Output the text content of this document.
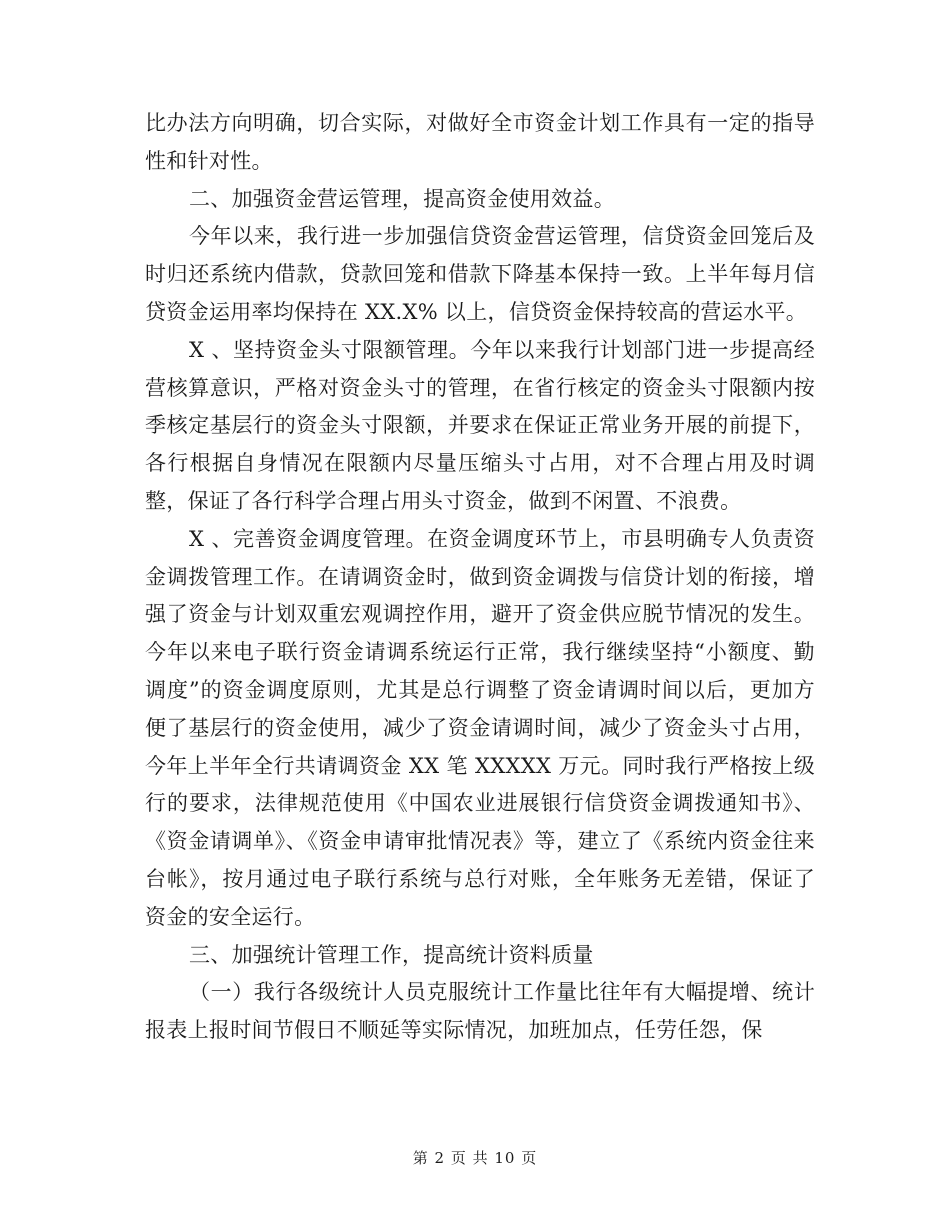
比办法方向明确，切合实际，对做好全市资金计划工作具有一定的指导性和针对性。

二、加强资金营运管理，提高资金使用效益。

今年以来，我行进一步加强信贷资金营运管理，信贷资金回笼后及时归还系统内借款，贷款回笼和借款下降基本保持一致。上半年每月信贷资金运用率均保持在 XX.X% 以上，信贷资金保持较高的营运水平。

X 、坚持资金头寸限额管理。今年以来我行计划部门进一步提高经营核算意识，严格对资金头寸的管理，在省行核定的资金头寸限额内按季核定基层行的资金头寸限额，并要求在保证正常业务开展的前提下，各行根据自身情况在限额内尽量压缩头寸占用，对不合理占用及时调整，保证了各行科学合理占用头寸资金，做到不闲置、不浪费。

X 、完善资金调度管理。在资金调度环节上，市县明确专人负责资金调拨管理工作。在请调资金时，做到资金调拨与信贷计划的衔接，增强了资金与计划双重宏观调控作用，避开了资金供应脱节情况的发生。今年以来电子联行资金请调系统运行正常，我行继续坚持“小额度、勤调度”的资金调度原则，尤其是总行调整了资金请调时间以后，更加方便了基层行的资金使用，减少了资金请调时间，减少了资金头寸占用，今年上半年全行共请调资金 XX 笔 XXXXX 万元。同时我行严格按上级行的要求，法律规范使用《中国农业进展银行信贷资金调拨通知书》、《资金请调单》、《资金申请审批情况表》等，建立了《系统内资金往来台帐》，按月通过电子联行系统与总行对账，全年账务无差错，保证了资金的安全运行。

三、加强统计管理工作，提高统计资料质量

（一）我行各级统计人员克服统计工作量比往年有大幅提增、统计报表上报时间节假日不顺延等实际情况，加班加点，任劳任怨，保

第 2 页 共 10 页
